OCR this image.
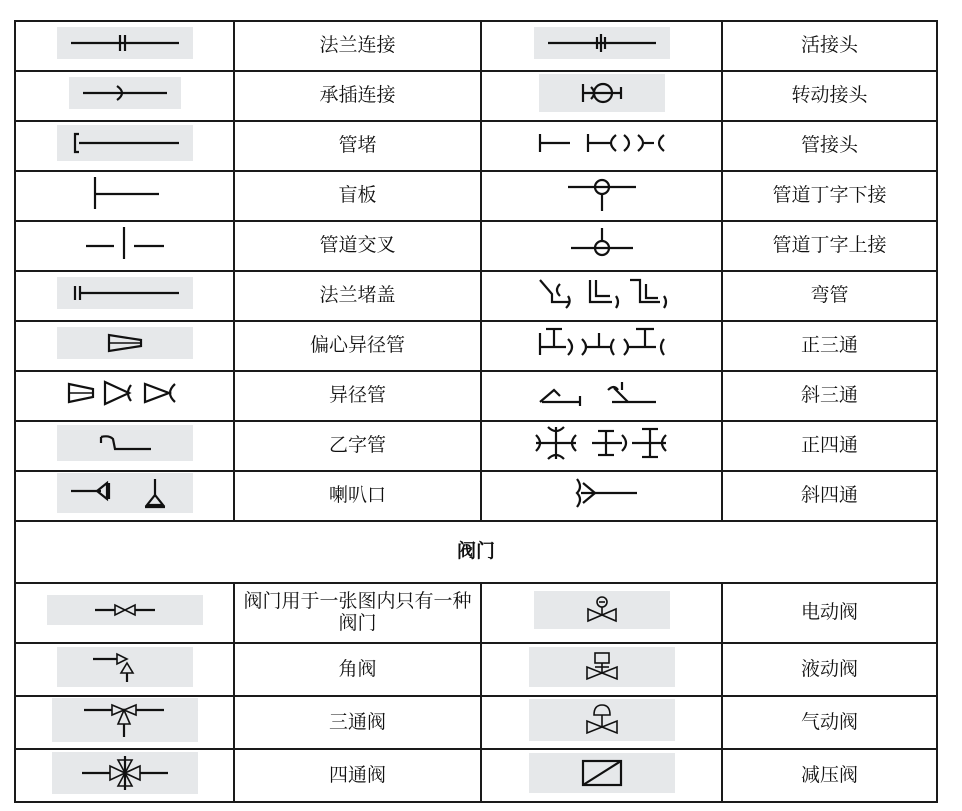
	法兰连接		活接头

	承插连接		转动接头

	管堵		管接头
	盲板		管道丁字下接
	管道交叉		管道丁字上接

	法兰堵盖		弯管

	偏心异径管		正三通
	异径管		斜三通

	乙字管		正四通

	喇叭口		斜四通
阀门			

	阀门用于一张图内只有一种阀门		电动阀

	角阀		液动阀

	三通阀		气动阀

	四通阀		减压阀
